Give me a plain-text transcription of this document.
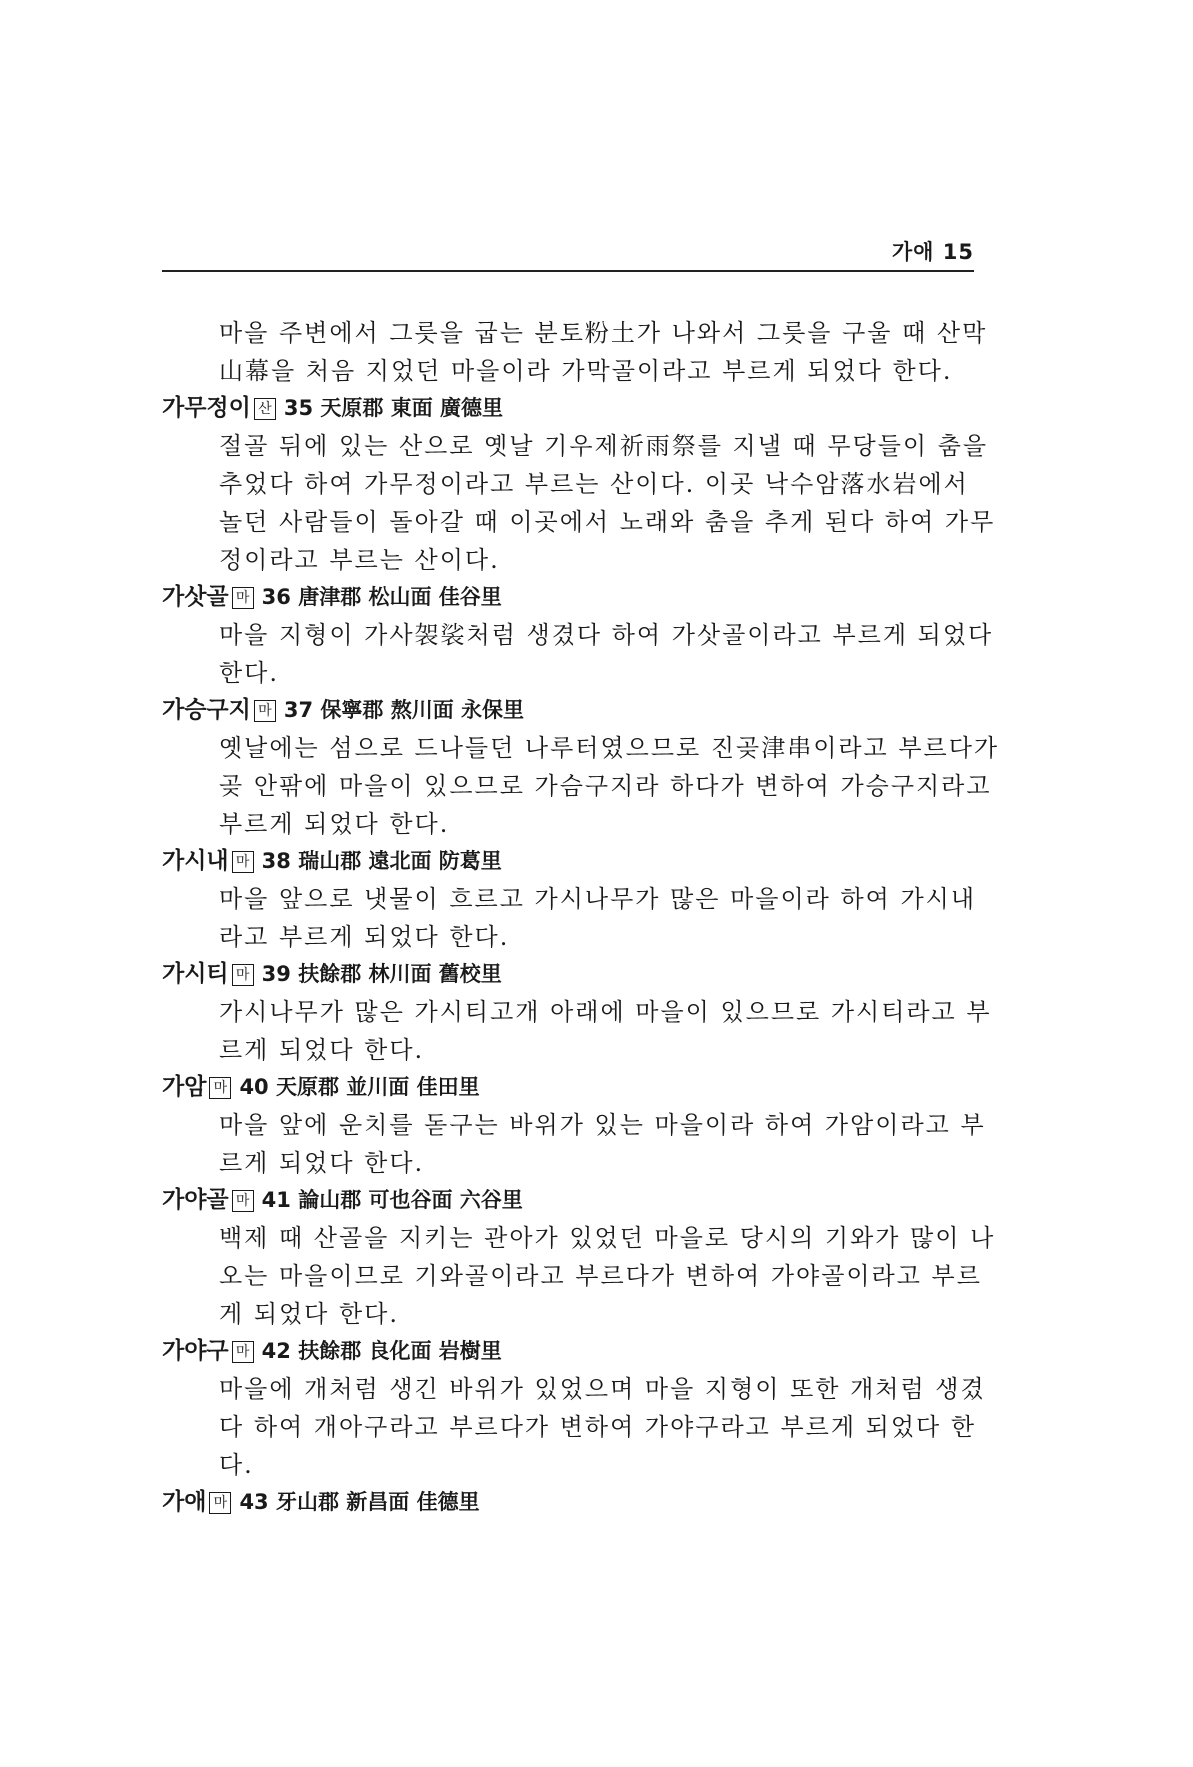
가애 15
마을 주변에서 그릇을 굽는 분토粉土가 나와서 그릇을 구울 때 산막
山幕을 처음 지었던 마을이라 가막골이라고 부르게 되었다 한다.
가무정이 산 35 天原郡 東面 廣德里
절골 뒤에 있는 산으로 옛날 기우제祈雨祭를 지낼 때 무당들이 춤을
추었다 하여 가무정이라고 부르는 산이다. 이곳 낙수암落水岩에서
놀던 사람들이 돌아갈 때 이곳에서 노래와 춤을 추게 된다 하여 가무
정이라고 부르는 산이다.
가삿골 마 36 唐津郡 松山面 佳谷里
마을 지형이 가사袈裟처럼 생겼다 하여 가삿골이라고 부르게 되었다
한다.
가승구지 마 37 保寧郡 熬川面 永保里
옛날에는 섬으로 드나들던 나루터였으므로 진곶津串이라고 부르다가
곶 안팎에 마을이 있으므로 가슴구지라 하다가 변하여 가승구지라고
부르게 되었다 한다.
가시내 마 38 瑞山郡 遠北面 防葛里
마을 앞으로 냇물이 흐르고 가시나무가 많은 마을이라 하여 가시내
라고 부르게 되었다 한다.
가시티 마 39 扶餘郡 林川面 舊校里
가시나무가 많은 가시티고개 아래에 마을이 있으므로 가시티라고 부
르게 되었다 한다.
가암 마 40 天原郡 並川面 佳田里
마을 앞에 운치를 돋구는 바위가 있는 마을이라 하여 가암이라고 부
르게 되었다 한다.
가야골 마 41 論山郡 可也谷面 六谷里
백제 때 산골을 지키는 관아가 있었던 마을로 당시의 기와가 많이 나
오는 마을이므로 기와골이라고 부르다가 변하여 가야골이라고 부르
게 되었다 한다.
가야구 마 42 扶餘郡 良化面 岩樹里
마을에 개처럼 생긴 바위가 있었으며 마을 지형이 또한 개처럼 생겼
다 하여 개아구라고 부르다가 변하여 가야구라고 부르게 되었다 한
다.
가애 마 43 牙山郡 新昌面 佳德里
